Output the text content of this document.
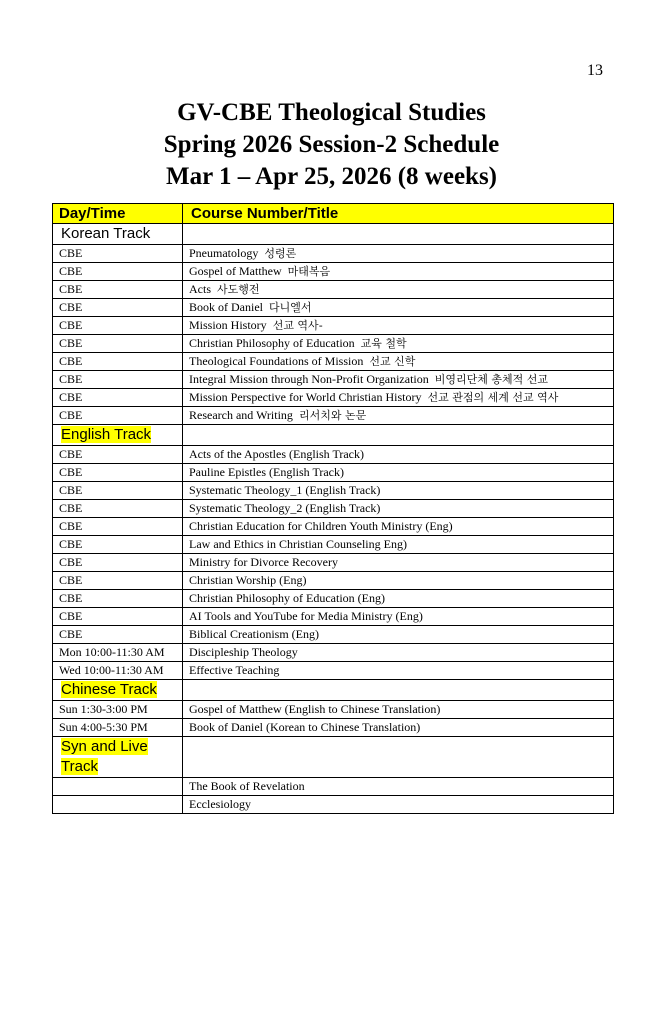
13
GV-CBE Theological Studies
Spring 2026 Session-2 Schedule
Mar 1 – Apr 25, 2026 (8 weeks)
Day/Time	Course Number/Title
Korean Track	
CBE	Pneumatology 성령론
CBE	Gospel of Matthew 마태복음
CBE	Acts 사도행전
CBE	Book of Daniel 다니엘서
CBE	Mission History 선교 역사-
CBE	Christian Philosophy of Education 교육 철학
CBE	Theological Foundations of Mission 선교 신학
CBE	Integral Mission through Non-Profit Organization 비영리단체 총체적 선교
CBE	Mission Perspective for World Christian History 선교 관점의 세계 선교 역사
CBE	Research and Writing 리서치와 논문
English Track	
CBE	Acts of the Apostles (English Track)
CBE	Pauline Epistles (English Track)
CBE	Systematic Theology_1 (English Track)
CBE	Systematic Theology_2 (English Track)
CBE	Christian Education for Children Youth Ministry (Eng)
CBE	Law and Ethics in Christian Counseling Eng)
CBE	Ministry for Divorce Recovery
CBE	Christian Worship (Eng)
CBE	Christian Philosophy of Education (Eng)
CBE	AI Tools and YouTube for Media Ministry (Eng)
CBE	Biblical Creationism (Eng)
Mon 10:00-11:30 AM	Discipleship Theology
Wed 10:00-11:30 AM	Effective Teaching
Chinese Track	
Sun 1:30-3:00 PM	Gospel of Matthew (English to Chinese Translation)
Sun 4:00-5:30 PM	Book of Daniel (Korean to Chinese Translation)
Syn and Live Track	
	The Book of Revelation
	Ecclesiology
